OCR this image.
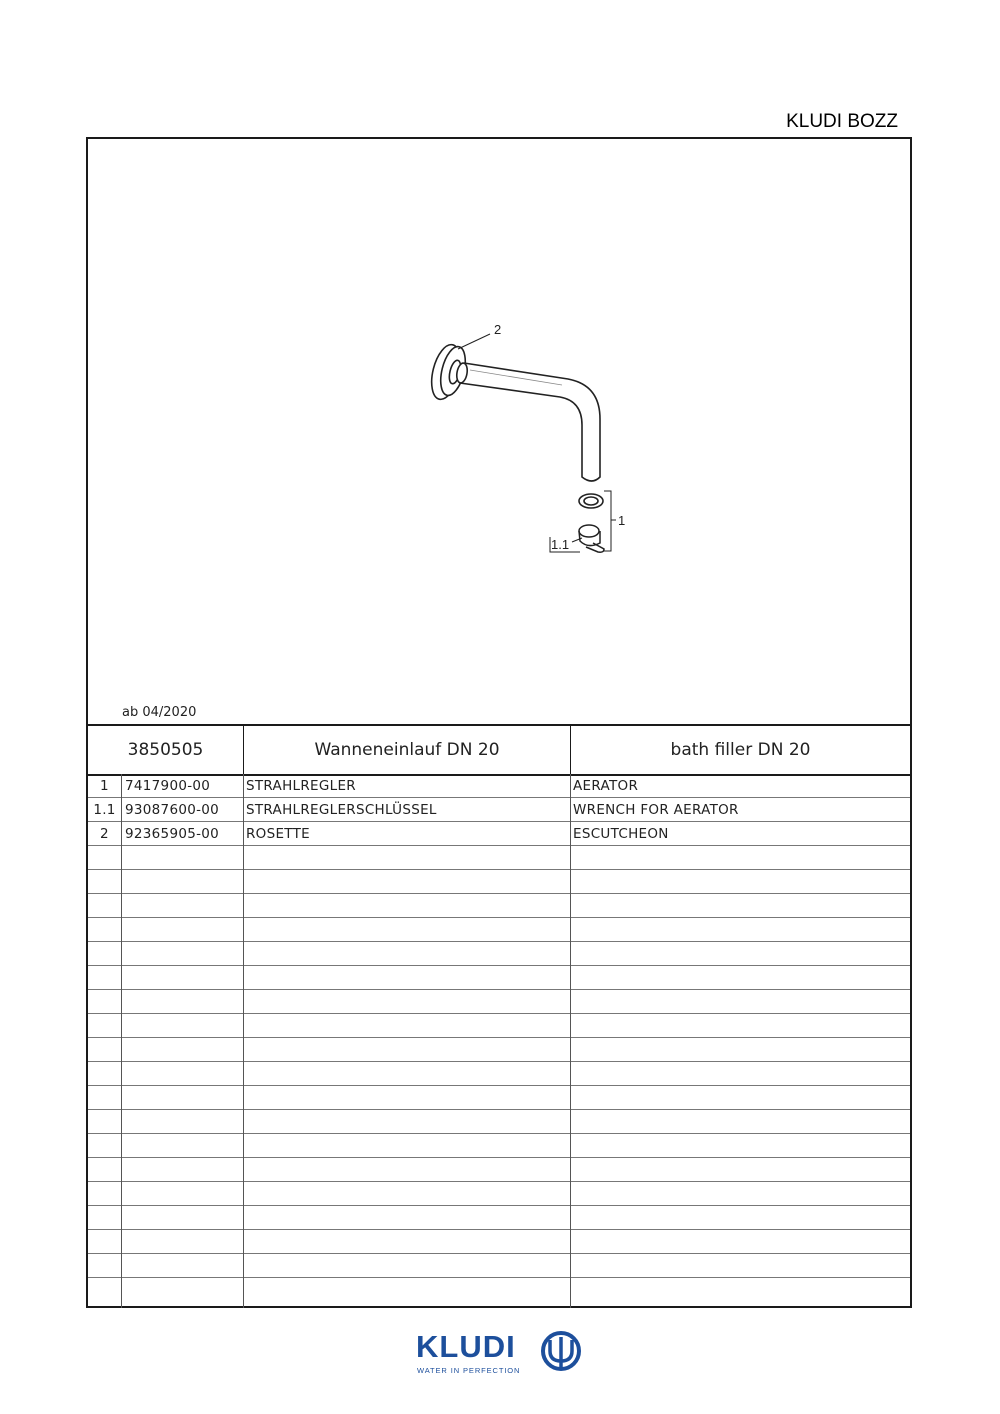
KLUDI BOZZ
2
1
1.1
ab 04/2020
3850505	Wanneneinlauf DN 20	bath filler DN 20
1	7417900-00	STRAHLREGLER	AERATOR
1.1 93087600-00 STRAHLREGLERSCHLÜSSEL	WRENCH FOR AERATOR
2	92365905-00 ROSETTE	ESCUTCHEON
KLUDI
WATER IN PERFECTION
